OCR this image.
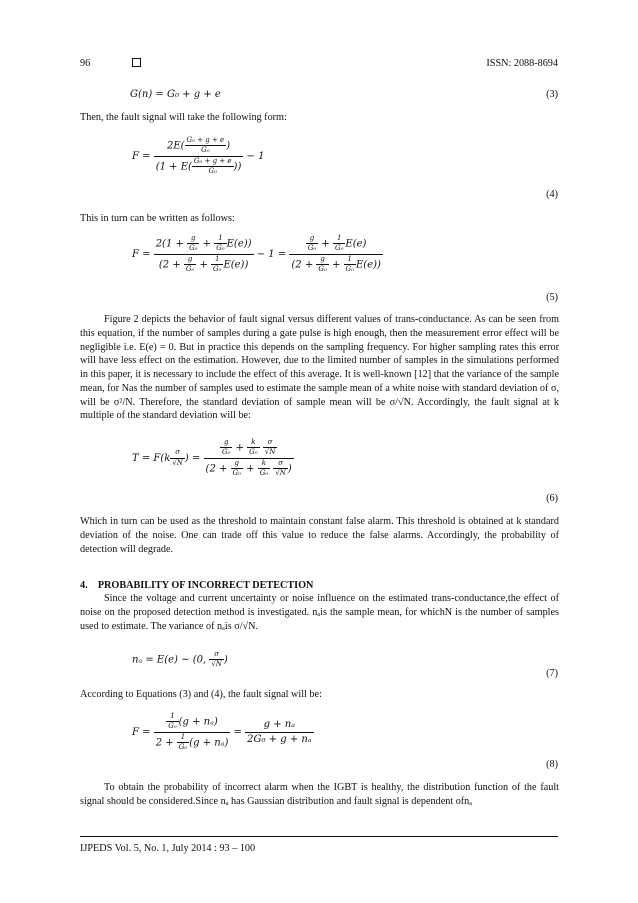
96	ISSN: 2088-8694
G(n) = G₀ + g + e	(3)
Then, the fault signal will take the following form:
$F = \frac{2E( \frac{\text{G₀ + g + e}}{\text{G₀}} )}{(1 + E( \frac{\text{G₀ + g + e}}{\text{G₀}} ))} - 1$
(4)
This in turn can be written as follows:
$F = \frac{2(1 + \frac{g}{\text{G₀}} + \frac{1}{\text{G₀}} E(e))}{(2 + \frac{g}{\text{G₀}} + \frac{1}{\text{G₀}} E(e))} - 1 = \frac{\frac{g}{\text{G₀}} + \frac{1}{\text{G₀}} E(e)}{(2 + \frac{g}{\text{G₀}} + \frac{1}{\text{G₀}} E(e))}$
(5)
Figure 2 depicts the behavior of fault signal versus different values of trans-conductance. As can be seen from this equation, if the number of samples during a gate pulse is high enough, then the measurement error effect will be negligible i.e. E(e) = 0. But in practice this depends on the sampling frequency. For higher sampling rates this error will have less effect on the estimation. However, due to the limited number of samples in the simulations performed in this paper, it is necessary to include the effect of this average. It is well-known [12] that the variance of the sample mean, for Nas the number of samples used to estimate the sample mean of a white noise with standard deviation of σ, will be σ²/N. Therefore, the standard deviation of sample mean will be σ/√N. Accordingly, the fault signal at k multiple of the standard deviation will be:
$T = F(k \frac{\sigma}{√N}$ ) = $\frac{g}{\text{G₀}} + \frac{k}{\text{G₀}}$
$\frac{\sigma}{√N}$
($2 + \frac{g}{\text{G₀}} + \frac{k}{\text{G₀}}$
$\frac{\sigma}{√N}$ )
(6)
Which in turn can be used as the threshold to maintain constant false alarm. This threshold is obtained at k standard deviation of the noise. One can trade off this value to reduce the false alarms. Accordingly, the probability of detection will degrade.
4.    PROBABILITY OF INCORRECT DETECTION
Since the voltage and current uncertainty or noise influence on the estimated trans-conductance,the effect of noise on the proposed detection method is investigated. nₐis the sample mean, for whichN is the number of samples used to estimate. The variance of nₐis σ/√N.
nₐ = E(e) ~ (0, $\frac{\sigma}{√N}$ )
(7)
According to Equations (3) and (4), the fault signal will be:
$F = \frac{\frac{1}{\text{G₀}} (g + n_a)}{2 + \frac{1}{\text{G₀}} (g + n_a)} = \frac{\text{g + nₐ}}{\text{2G₀ + g + nₐ}}$
(8)
To obtain the probability of incorrect alarm when the IGBT is healthy, the distribution function of the fault signal should be considered.Since nₐ has Gaussian distribution and fault signal is dependent ofnₐ
IJPEDS Vol. 5, No. 1, July 2014 : 93 – 100
